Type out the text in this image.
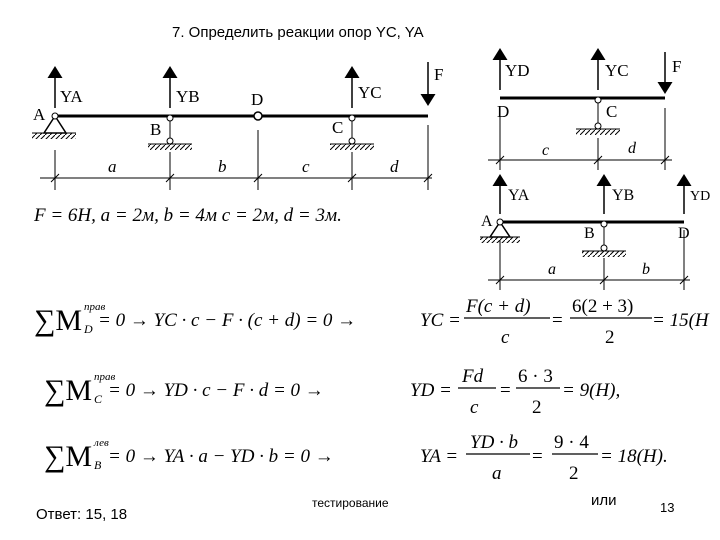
7. Определить реакции опор YC, YA
YA	YB	YC
F
A
B
D
C
a	b	c	d
YD	YC	F
D	C
c	d
YA	YB	YD
A
B	D
a	b
∑M прав
D = 0 → YC · c − F · (c + d) = 0 →	YC =
F(c + d)
c
=
6(2 + 3)
2
= 15(H
∑M прав
C = 0 → YD · c − F · d = 0 →	YD =
Fd
c
=
6 · 3
2
= 9(H),
∑M лев
B = 0 → YA · a − YD · b = 0 →	YA =
YD · b
a
=
9 · 4
2
= 18(H).
F = 6H, a = 2м, b = 4м c = 2м, d = 3м.
Ответ: 15, 18
тестирование	или	13
